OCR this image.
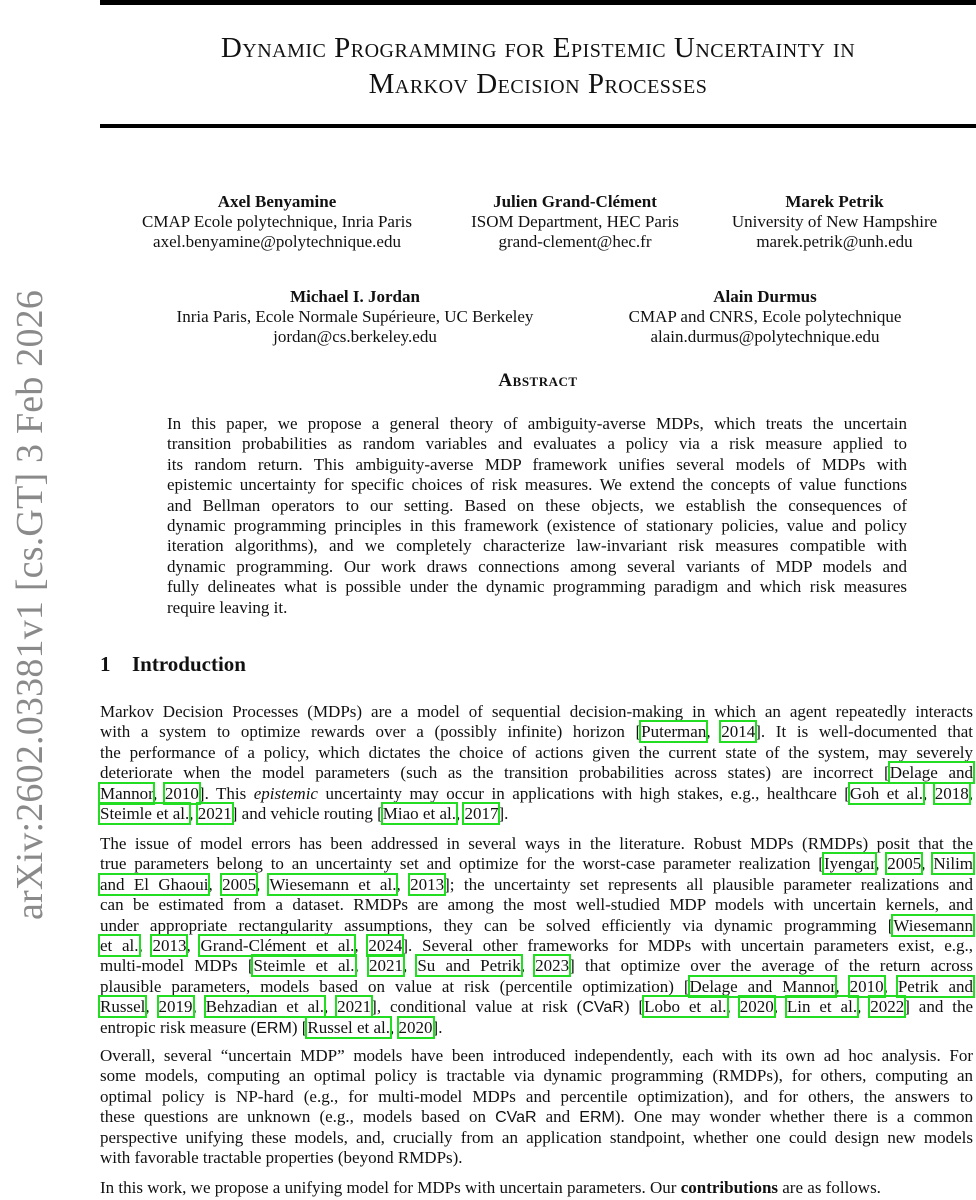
arXiv:2602.03381v1 [cs.GT] 3 Feb 2026
Dynamic Programming for Epistemic Uncertainty in
Markov Decision Processes
Axel Benyamine
CMAP Ecole polytechnique, Inria Paris
axel.benyamine@polytechnique.edu
Julien Grand-Clément
ISOM Department, HEC Paris
grand-clement@hec.fr
Marek Petrik
University of New Hampshire
marek.petrik@unh.edu
Michael I. Jordan
Inria Paris, Ecole Normale Supérieure, UC Berkeley
jordan@cs.berkeley.edu
Alain Durmus
CMAP and CNRS, Ecole polytechnique
alain.durmus@polytechnique.edu
Abstract
In this paper, we propose a general theory of ambiguity-averse MDPs, which treats the uncertain
transition probabilities as random variables and evaluates a policy via a risk measure applied to
its random return. This ambiguity-averse MDP framework unifies several models of MDPs with
epistemic uncertainty for specific choices of risk measures. We extend the concepts of value functions
and Bellman operators to our setting. Based on these objects, we establish the consequences of
dynamic programming principles in this framework (existence of stationary policies, value and policy
iteration algorithms), and we completely characterize law-invariant risk measures compatible with
dynamic programming. Our work draws connections among several variants of MDP models and
fully delineates what is possible under the dynamic programming paradigm and which risk measures
require leaving it.
1 Introduction
Markov Decision Processes (MDPs) are a model of sequential decision-making in which an agent repeatedly interacts
with a system to optimize rewards over a (possibly infinite) horizon [Puterman, 2014]. It is well-documented that
the performance of a policy, which dictates the choice of actions given the current state of the system, may severely
deteriorate when the model parameters (such as the transition probabilities across states) are incorrect [Delage and
Mannor, 2010]. This epistemic uncertainty may occur in applications with high stakes, e.g., healthcare [Goh et al., 2018,
Steimle et al., 2021] and vehicle routing [Miao et al., 2017].
The issue of model errors has been addressed in several ways in the literature. Robust MDPs (RMDPs) posit that the
true parameters belong to an uncertainty set and optimize for the worst-case parameter realization [Iyengar, 2005, Nilim
and El Ghaoui, 2005, Wiesemann et al., 2013]; the uncertainty set represents all plausible parameter realizations and
can be estimated from a dataset. RMDPs are among the most well-studied MDP models with uncertain kernels, and
under appropriate rectangularity assumptions, they can be solved efficiently via dynamic programming [Wiesemann
et al., 2013, Grand-Clément et al., 2024]. Several other frameworks for MDPs with uncertain parameters exist, e.g.,
multi-model MDPs [Steimle et al., 2021, Su and Petrik, 2023] that optimize over the average of the return across
plausible parameters, models based on value at risk (percentile optimization) [Delage and Mannor, 2010, Petrik and
Russel, 2019, Behzadian et al., 2021], conditional value at risk (CVaR) [Lobo et al., 2020, Lin et al., 2022] and the
entropic risk measure (ERM) [Russel et al., 2020].
Overall, several “uncertain MDP” models have been introduced independently, each with its own ad hoc analysis. For
some models, computing an optimal policy is tractable via dynamic programming (RMDPs), for others, computing an
optimal policy is NP-hard (e.g., for multi-model MDPs and percentile optimization), and for others, the answers to
these questions are unknown (e.g., models based on CVaR and ERM). One may wonder whether there is a common
perspective unifying these models, and, crucially from an application standpoint, whether one could design new models
with favorable tractable properties (beyond RMDPs).
In this work, we propose a unifying model for MDPs with uncertain parameters. Our contributions are as follows.
